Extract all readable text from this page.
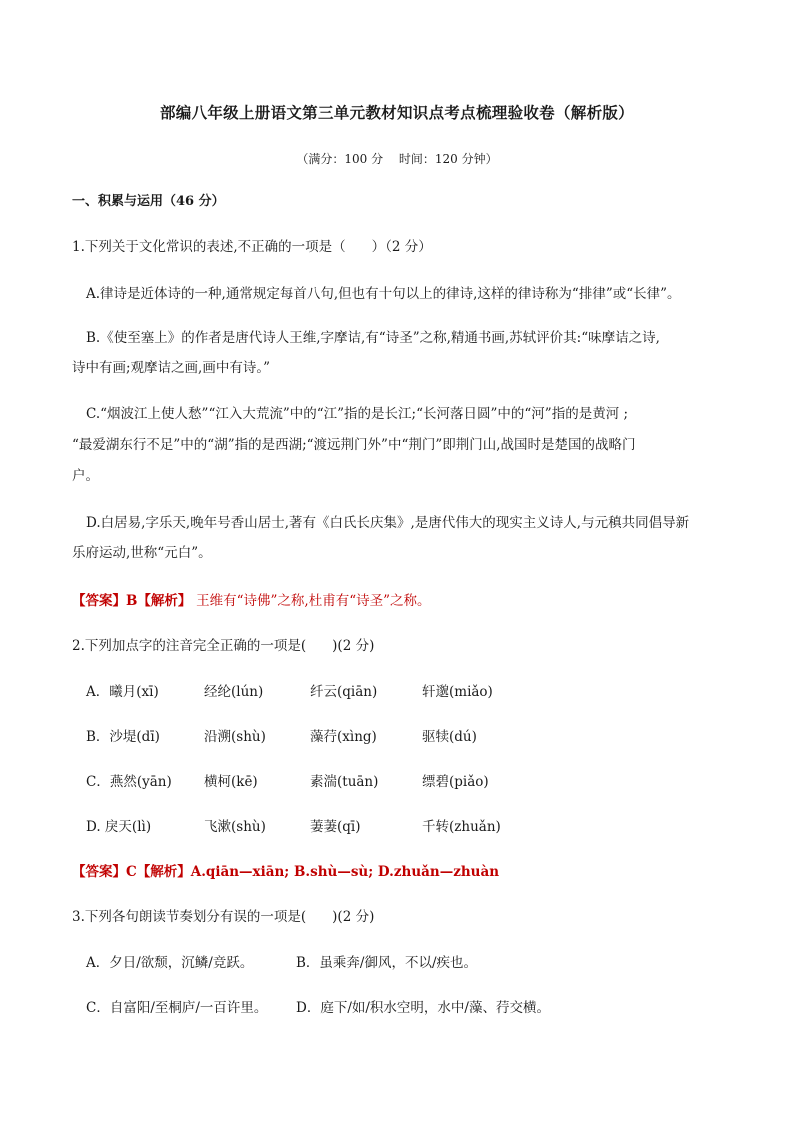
部编八年级上册语文第三单元教材知识点考点梳理验收卷（解析版）
（满分：100 分 时间：120 分钟）
一、积累与运用（46 分）
1.下列关于文化常识的表述,不正确的一项是（ ）（2 分）
A.律诗是近体诗的一种,通常规定每首八句,但也有十句以上的律诗,这样的律诗称为“排律”或“长律”。
B.《使至塞上》的作者是唐代诗人王维,字摩诘,有“诗圣”之称,精通书画,苏轼评价其:“味摩诘之诗,
诗中有画;观摩诘之画,画中有诗。”
C.“烟波江上使人愁”“江入大荒流”中的“江”指的是长江;“长河落日圆”中的“河”指的是黄河 ;
“最爱湖东行不足”中的“湖”指的是西湖;“渡远荆门外”中“荆门”即荆门山,战国时是楚国的战略门
户。
D.白居易,字乐天,晚年号香山居士,著有《白氏长庆集》,是唐代伟大的现实主义诗人,与元稹共同倡导新
乐府运动,世称“元白”。
【答案】B【解析】 王维有“诗佛”之称,杜甫有“诗圣”之称。
2.下列加点字的注音完全正确的一项是( )(2 分)
A．曦月(xī)	经纶(lún)	纤云(qiān)	轩邈(miǎo)
B．沙堤(dī)	沿溯(shù)	藻荇(xìng)	驱犊(dú)
C．燕然(yān) 横柯(kē)	素湍(tuān)	缥碧(piǎo)
D. 戾天(lì)	飞漱(shù)	萋萋(qī)	千转(zhuǎn)
【答案】C【解析】A.qiān—xiān; B.shù—sù; D.zhuǎn—zhuàn
3.下列各句朗读节奏划分有误的一项是( )(2 分)
A．夕日/欲颓，沉鳞/竞跃。	B．虽乘奔/御风，不以/疾也。
C．自富阳/至桐庐/一百许里。 D．庭下/如/积水空明，水中/藻、荇交横。
